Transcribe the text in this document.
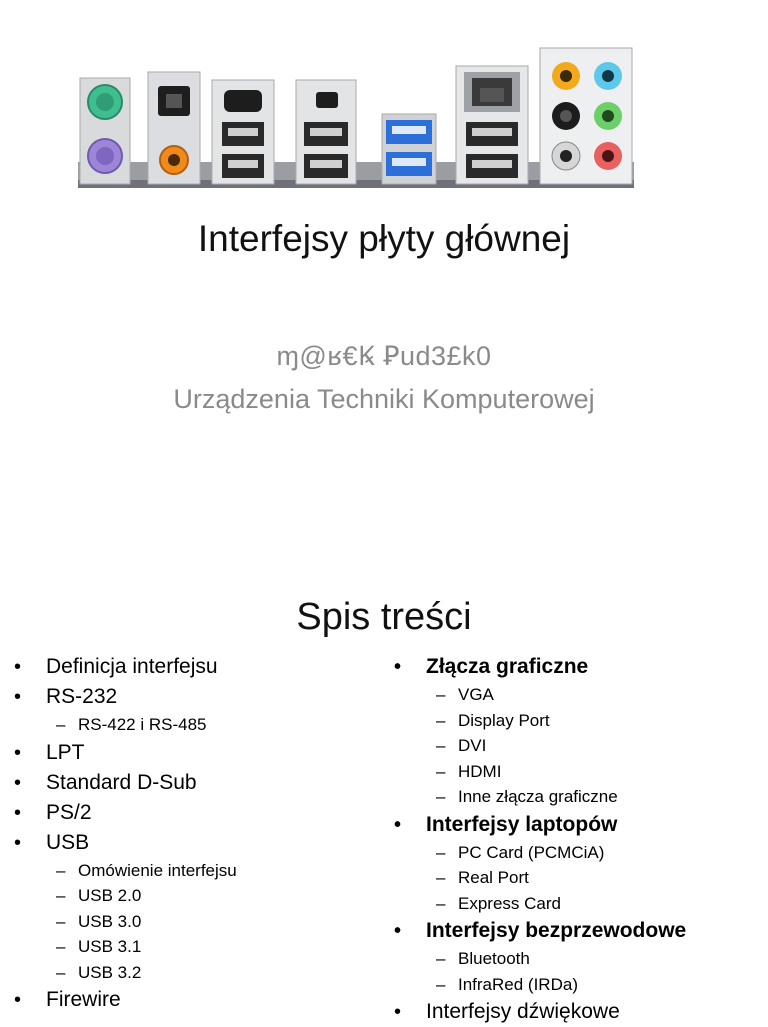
Interfejsy płyty głównej
ɱ@ʁ€Ꝃ Ꝑud3£k0
Urządzenia Techniki Komputerowej
Spis treści
• Definicja interfejsu
• RS-232
– RS-422 i RS-485
• LPT
• Standard D-Sub
• PS/2
• USB
– Omówienie interfejsu
– USB 2.0
– USB 3.0
– USB 3.1
– USB 3.2
• Firewire
• Złącza graficzne
– VGA
– Display Port
– DVI
– HDMI
– Inne złącza graficzne
• Interfejsy laptopów
– PC Card (PCMCiA)
– Real Port
– Express Card
• Interfejsy bezprzewodowe
– Bluetooth
– InfraRed (IRDa)
• Interfejsy dźwiękowe
